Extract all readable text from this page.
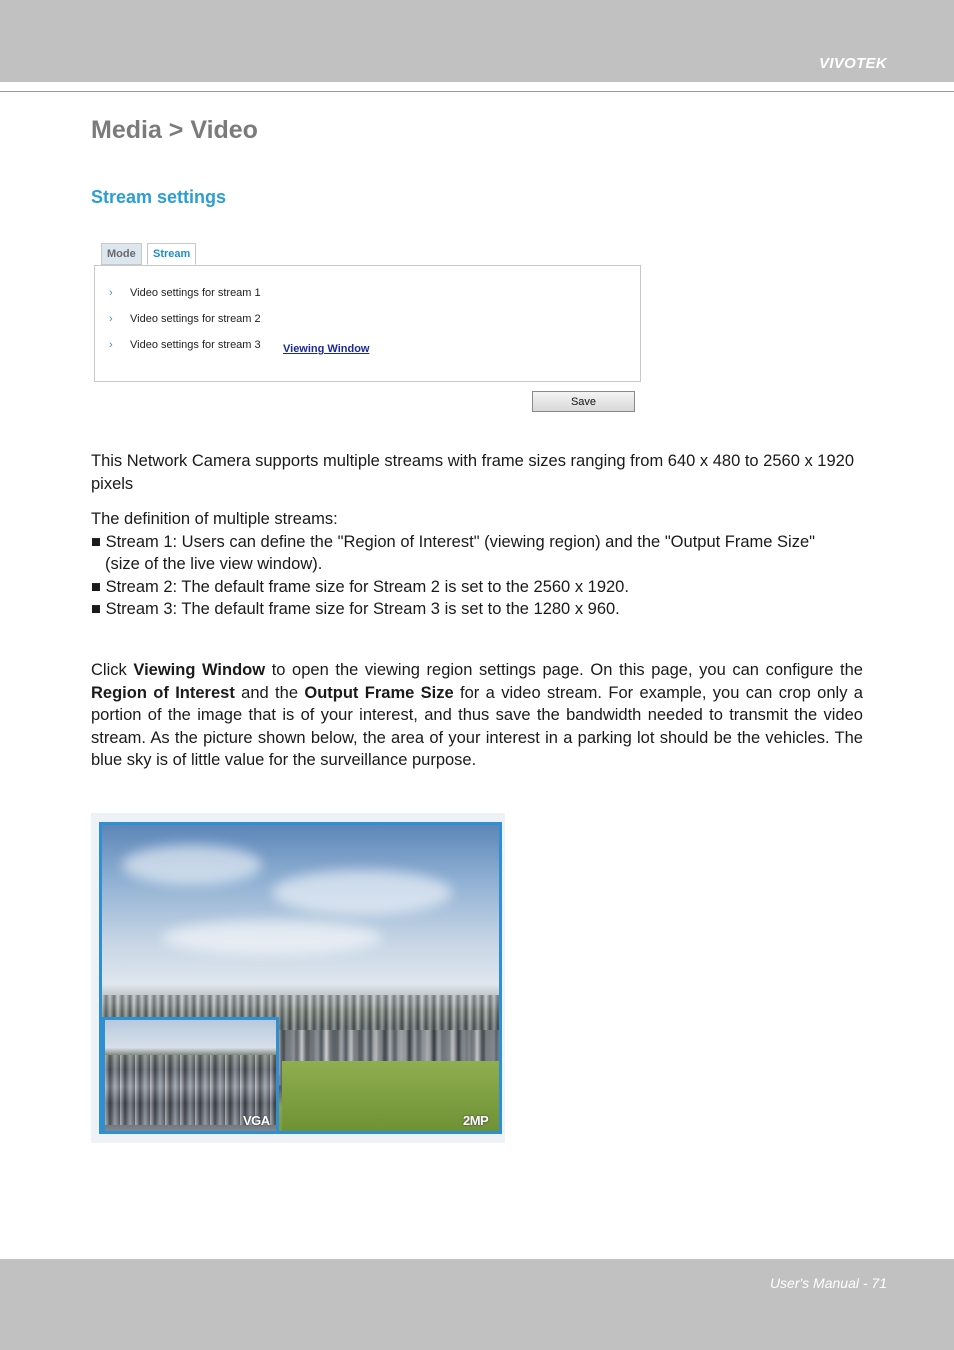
VIVOTEK
Media > Video
Stream settings
Mode	Stream
› Video settings for stream 1
› Video settings for stream 2
› Video settings for stream 3 Viewing Window
Save

This Network Camera supports multiple streams with frame sizes ranging from 640 x 480 to 2560 x 1920 pixels

The definition of multiple streams:
■ Stream 1: Users can define the "Region of Interest" (viewing region) and the "Output Frame Size"
(size of the live view window).
■ Stream 2: The default frame size for Stream 2 is set to the 2560 x 1920.
■ Stream 3: The default frame size for Stream 3 is set to the 1280 x 960.

Click Viewing Window to open the viewing region settings page. On this page, you can configure the Region of Interest and the Output Frame Size for a video stream. For example, you can crop only a portion of the image that is of your interest, and thus save the bandwidth needed to transmit the video stream. As the picture shown below, the area of your interest in a parking lot should be the vehicles. The blue sky is of little value for the surveillance purpose.

VGA	2MP
User's Manual - 71
